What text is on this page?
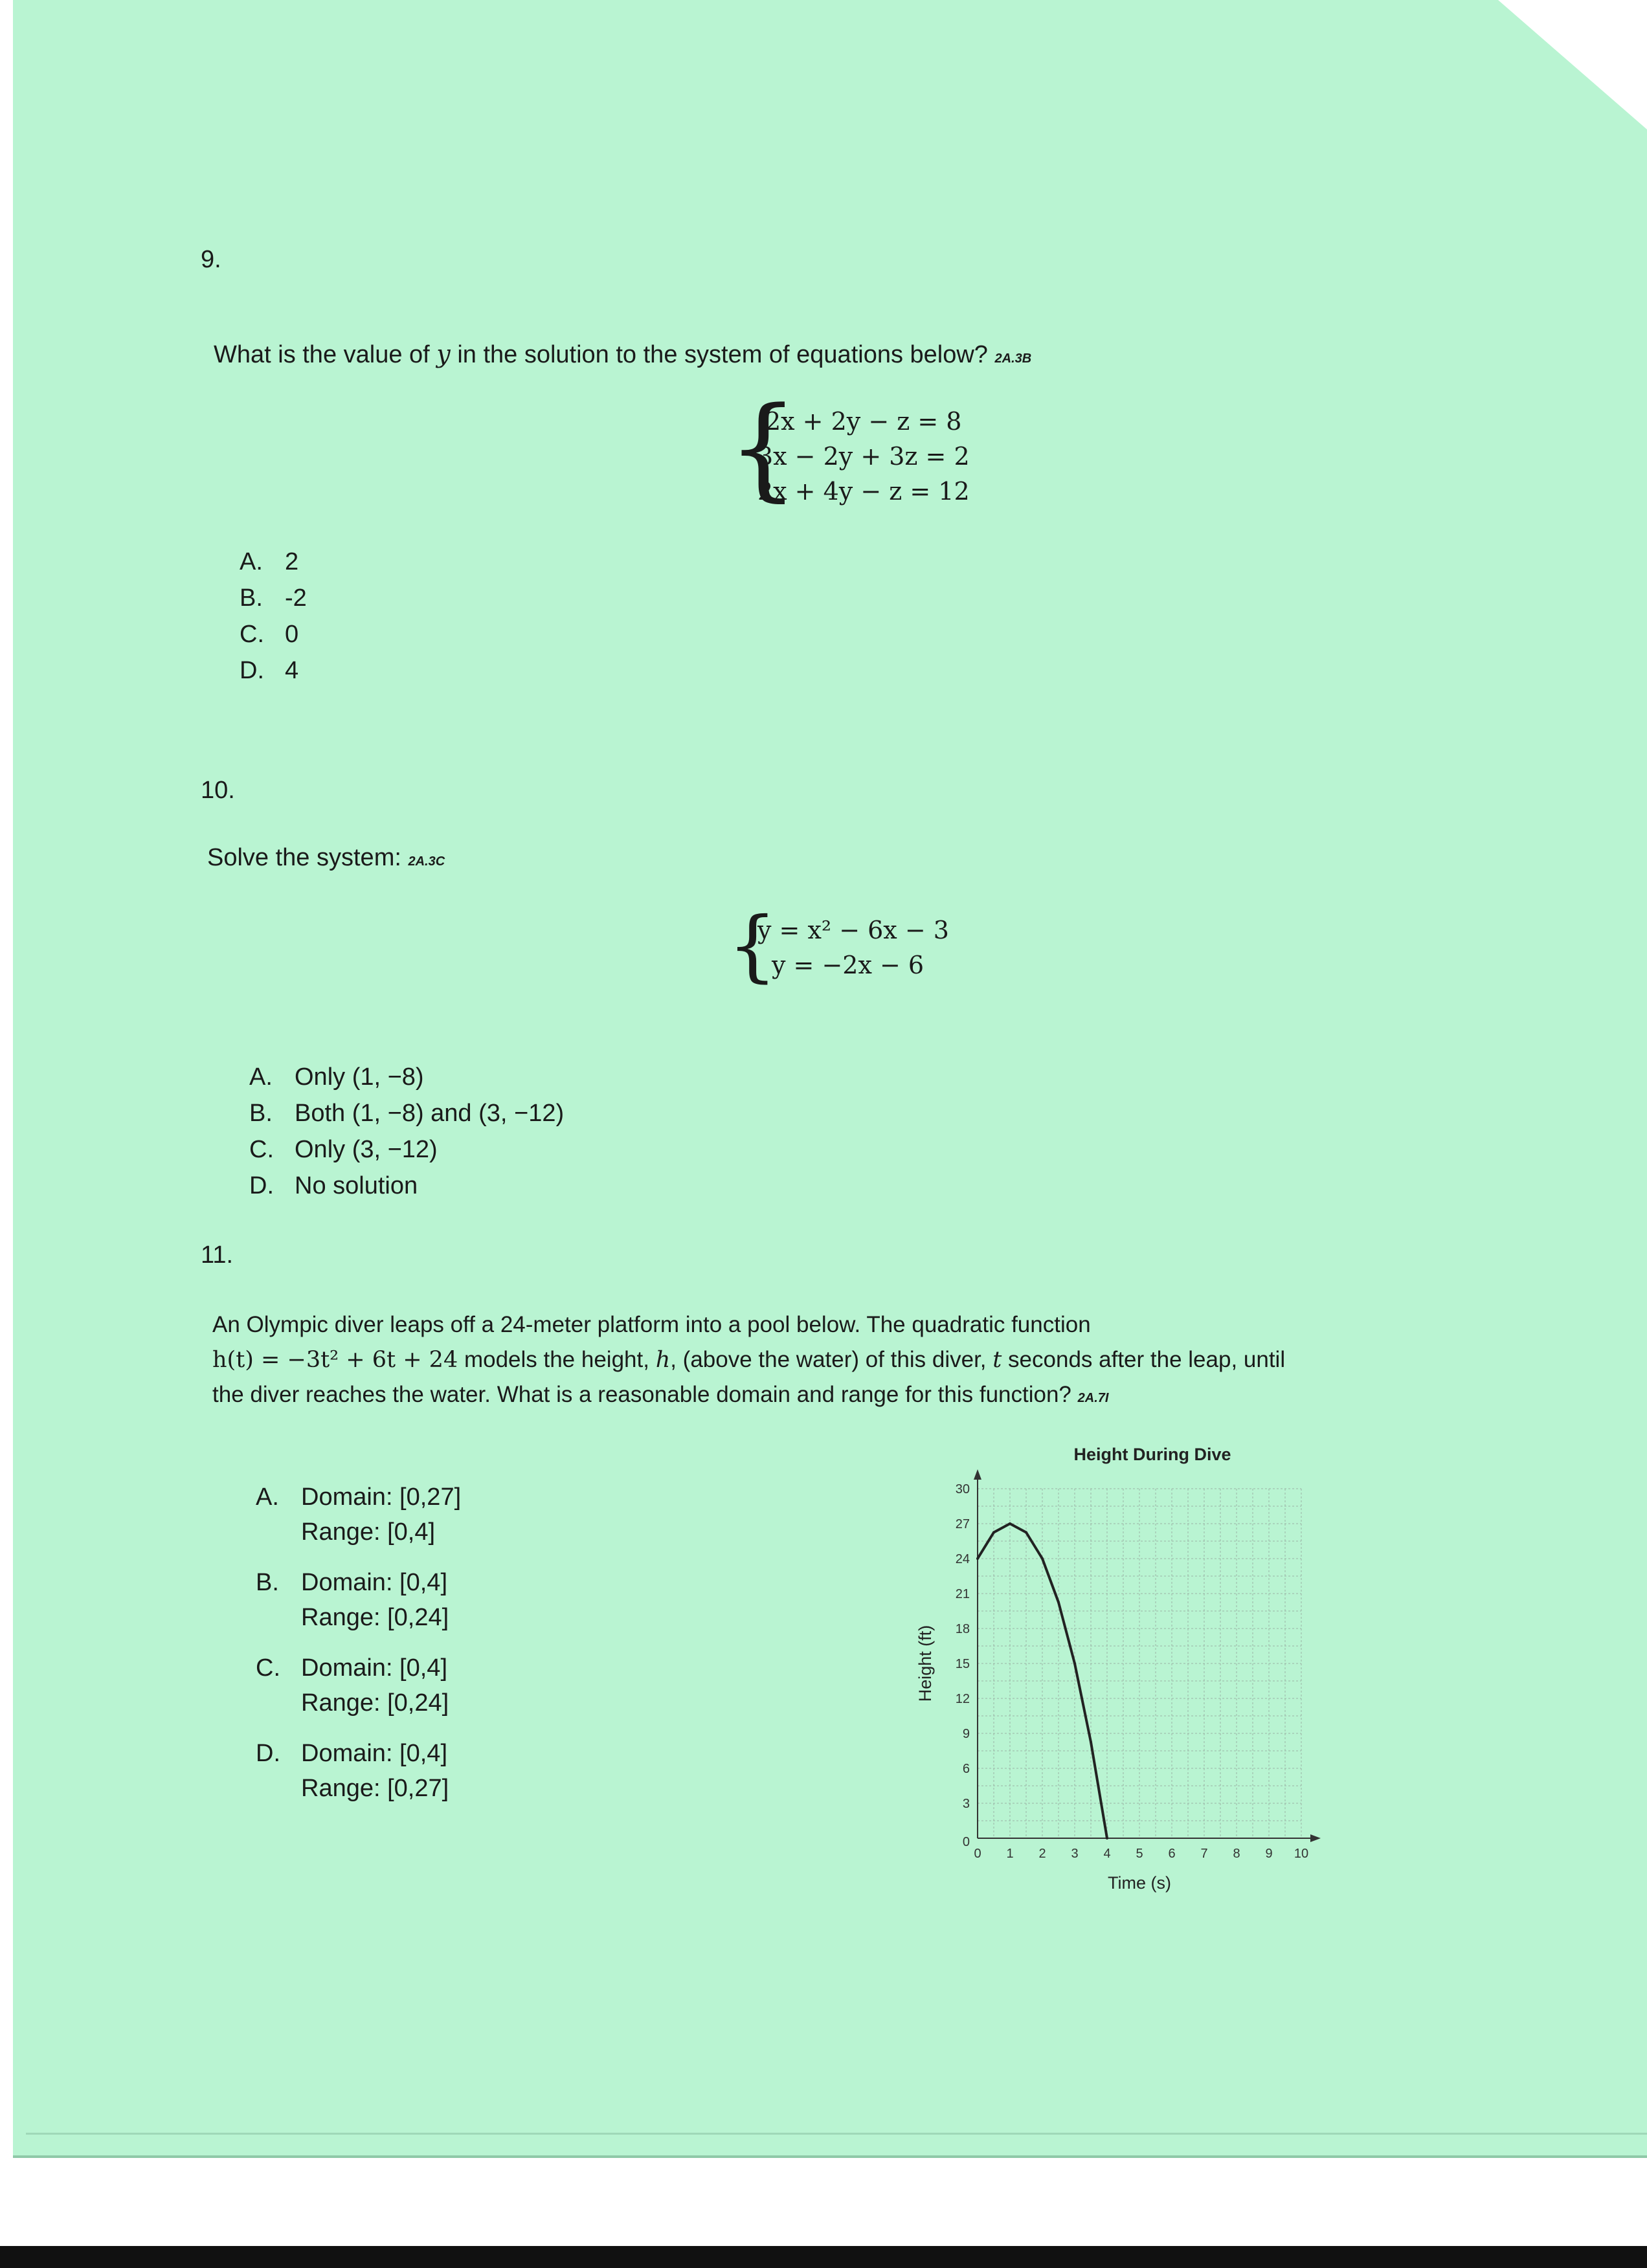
9.
What is the value of y in the solution to the system of equations below? 2A.3B
{
2x + 2y − z = 8
3x − 2y + 3z = 2
2x + 4y − z = 12
A. 2
B. -2
C. 0
D. 4
10.
Solve the system: 2A.3C
{
y = x² − 6x − 3
y = −2x − 6
A. Only (1, −8)
B. Both (1, −8) and (3, −12)
C. Only (3, −12)
D. No solution
11.
An Olympic diver leaps off a 24-meter platform into a pool below. The quadratic function
h(t) = −3t² + 6t + 24 models the height, h, (above the water) of this diver, t seconds after the leap, until
the diver reaches the water. What is a reasonable domain and range for this function? 2A.7I
A. Domain: [0,27]
Range: [0,4]
B. Domain: [0,4]
Range: [0,24]
C. Domain: [0,4]
Range: [0,24]
D. Domain: [0,4]
Range: [0,27]
0 1 2 3 4 5 6 7 8 9 10
3
6
9
12
15
18
21
24
27
30
0
Height During Dive
Time (s)
Height (ft)
